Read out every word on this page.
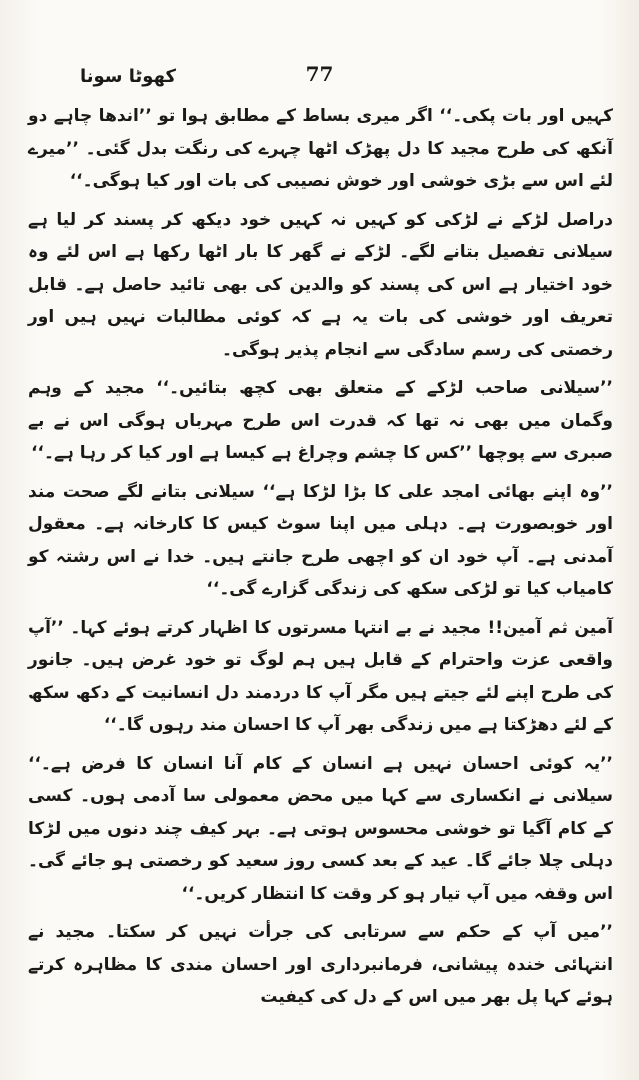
77
کھوٹا سونا

کہیں اور بات پکی۔‘‘ اگر میری بساط کے مطابق ہوا تو ’’اندھا چاہے دو آنکھ کی طرح مجید کا دل پھڑک اٹھا چہرے کی رنگت بدل گئی۔ ’’میرے لئے اس سے بڑی خوشی اور خوش نصیبی کی بات اور کیا ہوگی۔‘‘

دراصل لڑکے نے لڑکی کو کہیں نہ کہیں خود دیکھ کر پسند کر لیا ہے سیلانی تفصیل بتانے لگے۔ لڑکے نے گھر کا بار اٹھا رکھا ہے اس لئے وہ خود اختیار ہے اس کی پسند کو والدین کی بھی تائید حاصل ہے۔ قابل تعریف اور خوشی کی بات یہ ہے کہ کوئی مطالبات نہیں ہیں اور رخصتی کی رسم سادگی سے انجام پذیر ہوگی۔

’’سیلانی صاحب لڑکے کے متعلق بھی کچھ بتائیں۔‘‘ مجید کے وہم وگمان میں بھی نہ تھا کہ قدرت اس طرح مہرباں ہوگی اس نے بے صبری سے پوچھا ’’کس کا چشم وچراغ ہے کیسا ہے اور کیا کر رہا ہے۔‘‘

’’وہ اپنے بھائی امجد علی کا بڑا لڑکا ہے‘‘ سیلانی بتانے لگے صحت مند اور خوبصورت ہے۔ دہلی میں اپنا سوٹ کیس کا کارخانہ ہے۔ معقول آمدنی ہے۔ آپ خود ان کو اچھی طرح جانتے ہیں۔ خدا نے اس رشتہ کو کامیاب کیا تو لڑکی سکھ کی زندگی گزارے گی۔‘‘

آمین ثم آمین!! مجید نے بے انتہا مسرتوں کا اظہار کرتے ہوئے کہا۔ ’’آپ واقعی عزت واحترام کے قابل ہیں ہم لوگ تو خود غرض ہیں۔ جانور کی طرح اپنے لئے جیتے ہیں مگر آپ کا دردمند دل انسانیت کے دکھ سکھ کے لئے دھڑکتا ہے میں زندگی بھر آپ کا احسان مند رہوں گا۔‘‘

’’یہ کوئی احسان نہیں ہے انسان کے کام آنا انسان کا فرض ہے۔‘‘ سیلانی نے انکساری سے کہا میں محض معمولی سا آدمی ہوں۔ کسی کے کام آگیا تو خوشی محسوس ہوتی ہے۔ بہر کیف چند دنوں میں لڑکا دہلی چلا جائے گا۔ عید کے بعد کسی روز سعید کو رخصتی ہو جائے گی۔ اس وقفہ میں آپ تیار ہو کر وقت کا انتظار کریں۔‘‘

’’میں آپ کے حکم سے سرتابی کی جرأت نہیں کر سکتا۔ مجید نے انتہائی خندہ پیشانی، فرمانبرداری اور احسان مندی کا مظاہرہ کرتے ہوئے کہا پل بھر میں اس کے دل کی کیفیت
